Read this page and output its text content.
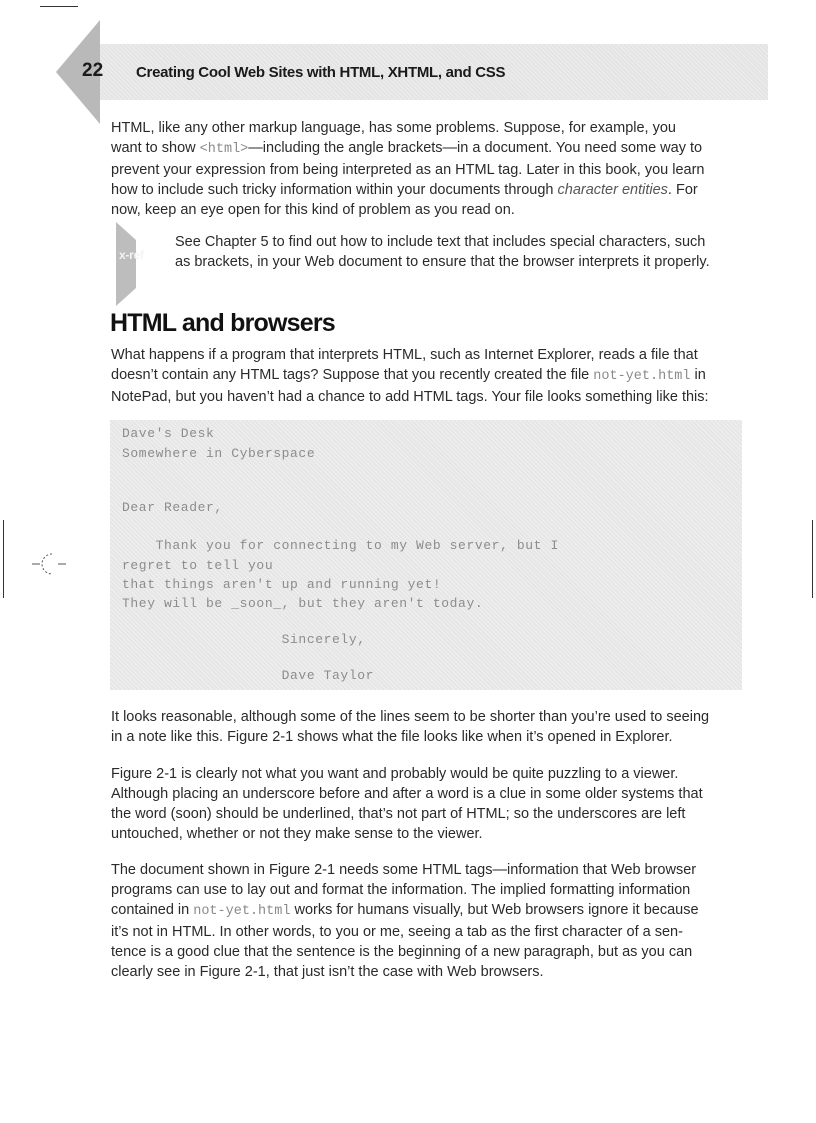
22 Creating Cool Web Sites with HTML, XHTML, and CSS

HTML, like any other markup language, has some problems. Suppose, for example, you
want to show <html>—including the angle brackets—in a document. You need some way to
prevent your expression from being interpreted as an HTML tag. Later in this book, you learn
how to include such tricky information within your documents through character entities. For
now, keep an eye open for this kind of problem as you read on.

x-ref
See Chapter 5 to find out how to include text that includes special characters, such
as brackets, in your Web document to ensure that the browser interprets it properly.
HTML and browsers

What happens if a program that interprets HTML, such as Internet Explorer, reads a file that
doesn’t contain any HTML tags? Suppose that you recently created the file not-yet.html in
NotePad, but you haven’t had a chance to add HTML tags. Your file looks something like this:

Dave's Desk
Somewhere in Cyberspace
Dear Reader,
Thank you for connecting to my Web server, but I
regret to tell you
that things aren't up and running yet!
They will be _soon_, but they aren't today.
Sincerely,
Dave Taylor

It looks reasonable, although some of the lines seem to be shorter than you’re used to seeing
in a note like this. Figure 2-1 shows what the file looks like when it’s opened in Explorer.

Figure 2-1 is clearly not what you want and probably would be quite puzzling to a viewer.
Although placing an underscore before and after a word is a clue in some older systems that
the word (soon) should be underlined, that’s not part of HTML; so the underscores are left
untouched, whether or not they make sense to the viewer.

The document shown in Figure 2-1 needs some HTML tags—information that Web browser
programs can use to lay out and format the information. The implied formatting information
contained in not-yet.html works for humans visually, but Web browsers ignore it because
it’s not in HTML. In other words, to you or me, seeing a tab as the first character of a sen-
tence is a good clue that the sentence is the beginning of a new paragraph, but as you can
clearly see in Figure 2-1, that just isn’t the case with Web browsers.
